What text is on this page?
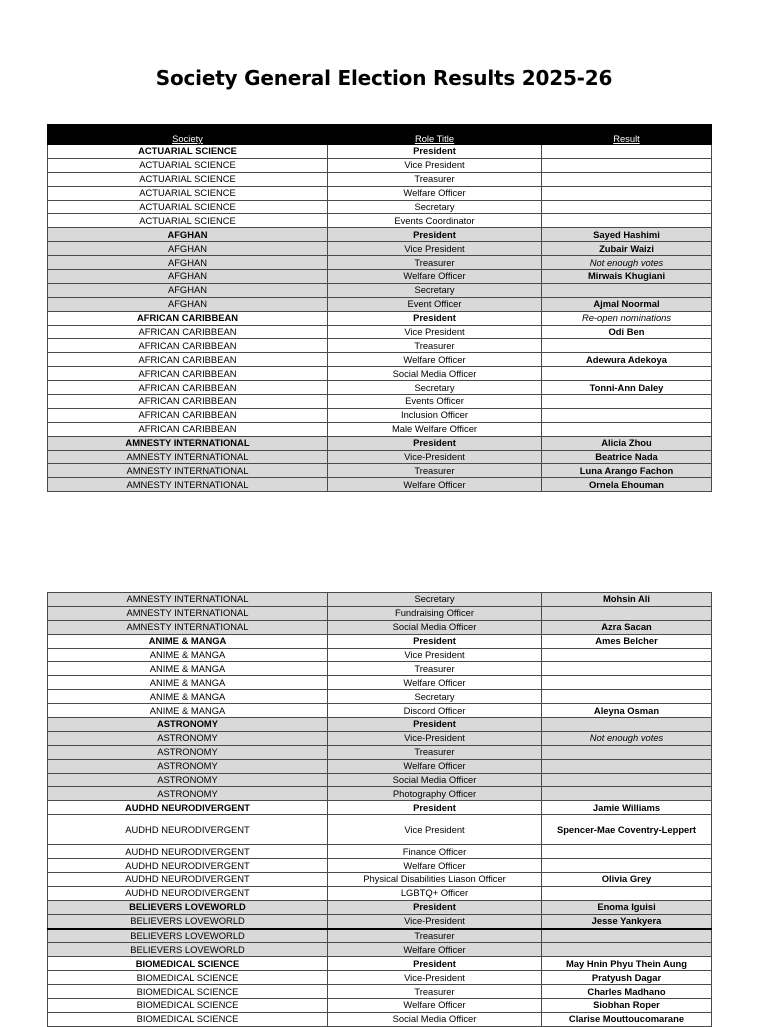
Society General Election Results 2025-26
Society	Role Title	Result
ACTUARIAL SCIENCE	President	
ACTUARIAL SCIENCE	Vice President	
ACTUARIAL SCIENCE	Treasurer	
ACTUARIAL SCIENCE	Welfare Officer	
ACTUARIAL SCIENCE	Secretary	
ACTUARIAL SCIENCE	Events Coordinator	
AFGHAN	President	Sayed Hashimi
AFGHAN	Vice President	Zubair Waizi
AFGHAN	Treasurer	Not enough votes
AFGHAN	Welfare Officer	Mirwais Khugiani
AFGHAN	Secretary	
AFGHAN	Event Officer	Ajmal Noormal
AFRICAN CARIBBEAN	President	Re-open nominations
AFRICAN CARIBBEAN	Vice President	Odi Ben
AFRICAN CARIBBEAN	Treasurer	
AFRICAN CARIBBEAN	Welfare Officer	Adewura Adekoya
AFRICAN CARIBBEAN	Social Media Officer	
AFRICAN CARIBBEAN	Secretary	Tonni-Ann Daley
AFRICAN CARIBBEAN	Events Officer	
AFRICAN CARIBBEAN	Inclusion Officer	
AFRICAN CARIBBEAN	Male Welfare Officer	
AMNESTY INTERNATIONAL	President	Alicia Zhou
AMNESTY INTERNATIONAL	Vice-President	Beatrice Nada
AMNESTY INTERNATIONAL	Treasurer	Luna Arango Fachon
AMNESTY INTERNATIONAL	Welfare Officer	Ornela Ehouman
AMNESTY INTERNATIONAL	Secretary	Mohsin Ali
AMNESTY INTERNATIONAL	Fundraising Officer	
AMNESTY INTERNATIONAL	Social Media Officer	Azra Sacan
ANIME & MANGA	President	Ames Belcher
ANIME & MANGA	Vice President	
ANIME & MANGA	Treasurer	
ANIME & MANGA	Welfare Officer	
ANIME & MANGA	Secretary	
ANIME & MANGA	Discord Officer	Aleyna Osman
ASTRONOMY	President	
ASTRONOMY	Vice-President	Not enough votes
ASTRONOMY	Treasurer	
ASTRONOMY	Welfare Officer	
ASTRONOMY	Social Media Officer	
ASTRONOMY	Photography Officer	
AUDHD NEURODIVERGENT	President	Jamie Williams
AUDHD NEURODIVERGENT	Vice President	Spencer-Mae Coventry-Leppert
AUDHD NEURODIVERGENT	Finance Officer	
AUDHD NEURODIVERGENT	Welfare Officer	
AUDHD NEURODIVERGENT	Physical Disabilities Liason Officer	Olivia Grey
AUDHD NEURODIVERGENT	LGBTQ+ Officer	
BELIEVERS LOVEWORLD	President	Enoma Iguisi
BELIEVERS LOVEWORLD	Vice-President	Jesse Yankyera
BELIEVERS LOVEWORLD	Treasurer	
BELIEVERS LOVEWORLD	Welfare Officer	
BIOMEDICAL SCIENCE	President	May Hnin Phyu Thein Aung
BIOMEDICAL SCIENCE	Vice-President	Pratyush Dagar
BIOMEDICAL SCIENCE	Treasurer	Charles Madhano
BIOMEDICAL SCIENCE	Welfare Officer	Siobhan Roper
BIOMEDICAL SCIENCE	Social Media Officer	Clarise Mouttoucomarane
